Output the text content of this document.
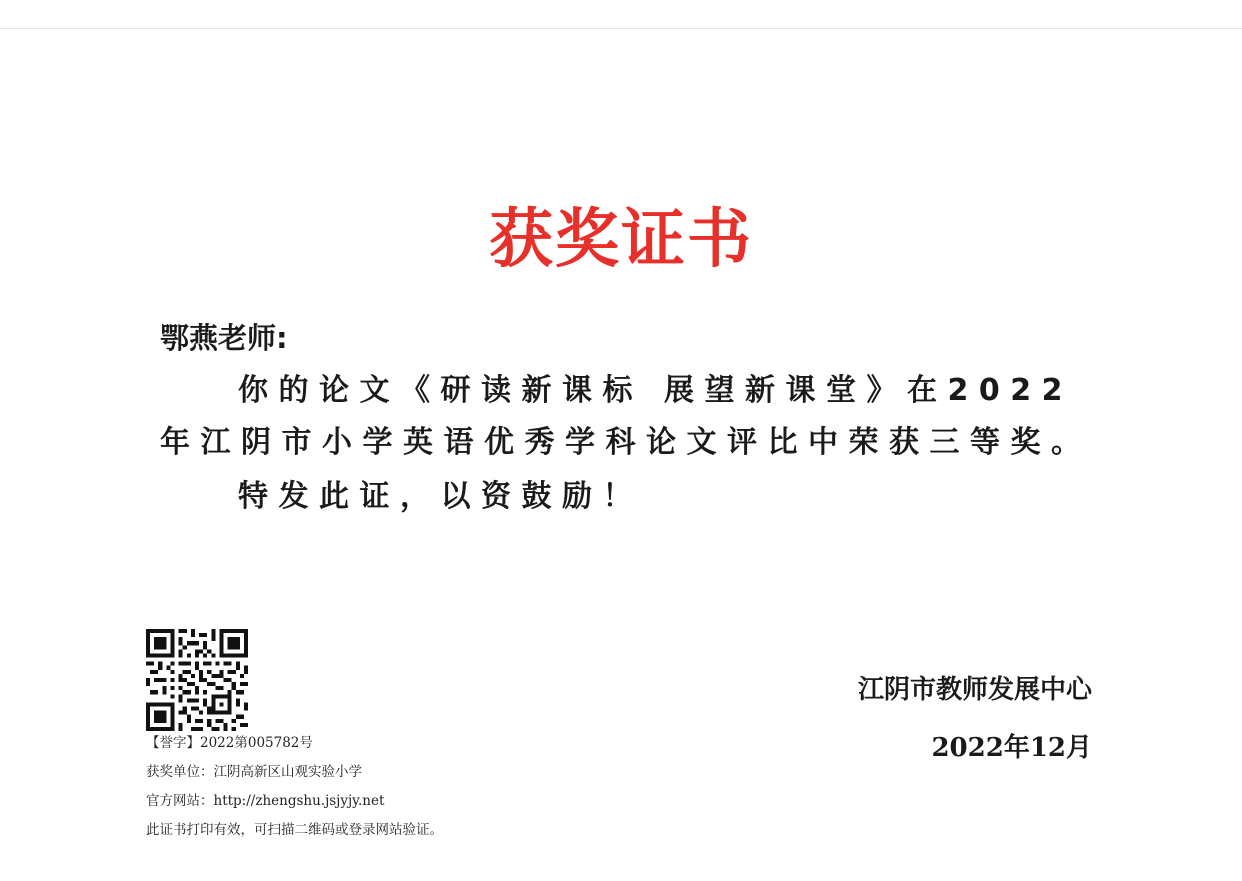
获奖证书
鄂燕老师:

你的论文《研读新课标 展望新课堂》在2022年江阴市小学英语优秀学科论文评比中荣获三等奖。

特发此证，以资鼓励！

【誉字】2022第005782号
获奖单位：江阴高新区山观实验小学
官方网站：http://zhengshu.jsjyjy.net
此证书打印有效，可扫描二维码或登录网站验证。
江阴市教师发展中心
2022年12月
